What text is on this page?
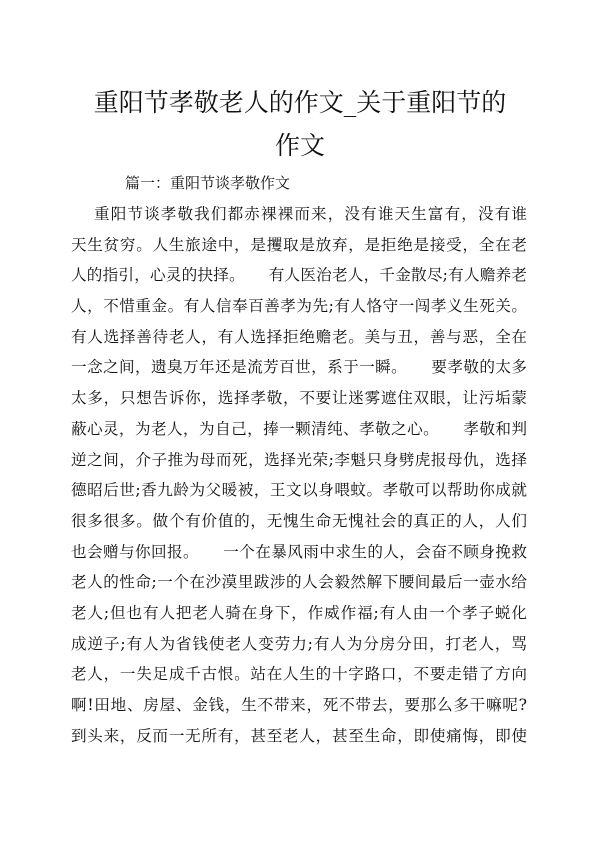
重阳节孝敬老人的作文_关于重阳节的
作文
篇一：重阳节谈孝敬作文
重阳节谈孝敬我们都赤裸裸而来，没有谁天生富有，没有谁
天生贫穷。人生旅途中，是攫取是放弃，是拒绝是接受，全在老
人的指引，心灵的抉择。　　有人医治老人，千金散尽;有人赡养老
人，不惜重金。有人信奉百善孝为先;有人恪守一闯孝义生死关。
有人选择善待老人，有人选择拒绝赡老。美与丑，善与恶，全在
一念之间，遗臭万年还是流芳百世，系于一瞬。　　要孝敬的太多
太多，只想告诉你，选择孝敬，不要让迷雾遮住双眼，让污垢蒙
蔽心灵，为老人，为自己，捧一颗清纯、孝敬之心。　　孝敬和判
逆之间，介子推为母而死，选择光荣;李魁只身劈虎报母仇，选择
德昭后世;香九龄为父暖被，王文以身喂蚊。孝敬可以帮助你成就
很多很多。做个有价值的，无愧生命无愧社会的真正的人，人们
也会赠与你回报。　　一个在暴风雨中求生的人，会奋不顾身挽救
老人的性命;一个在沙漠里跋涉的人会毅然解下腰间最后一壶水给
老人;但也有人把老人骑在身下，作威作福;有人由一个孝子蜕化
成逆子;有人为省钱使老人变劳力;有人为分房分田，打老人，骂
老人，一失足成千古恨。站在人生的十字路口，不要走错了方向
啊!田地、房屋、金钱，生不带来，死不带去，要那么多干嘛呢?
到头来，反而一无所有，甚至老人，甚至生命，即使痛悔，即使
